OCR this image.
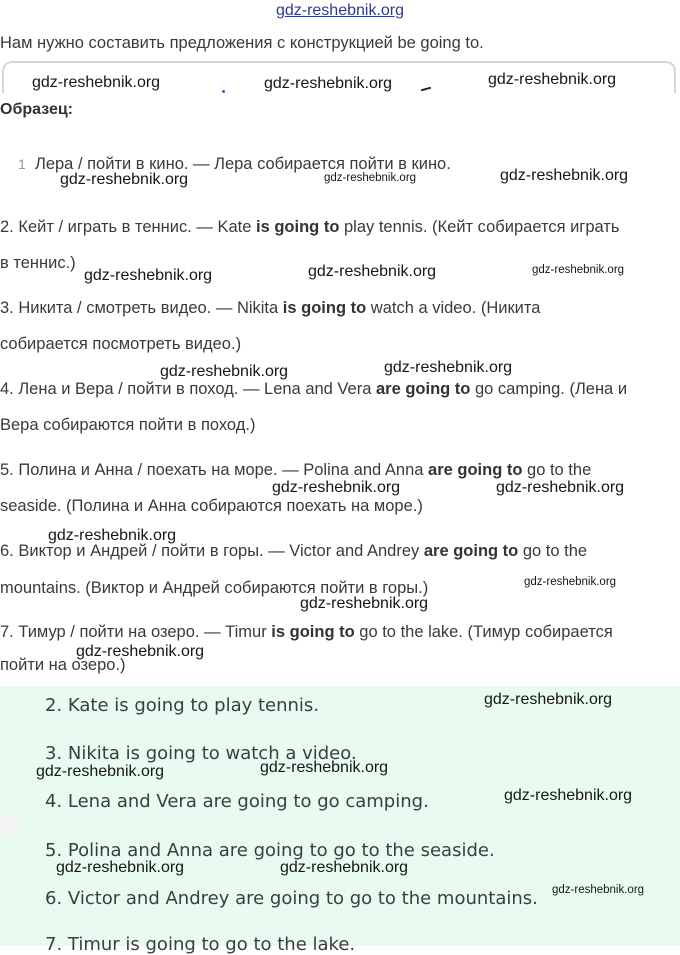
gdz-reshebnik.org
Нам нужно составить предложения с конструкцией be going to.
Образец:
1 Лера / пойти в кино. — Лера собирается пойти в кино.
2. Кейт / играть в теннис. — Kate is going to play tennis. (Кейт собирается играть
в теннис.)
3. Никита / смотреть видео. — Nikita is going to watch a video. (Никита
собирается посмотреть видео.)
4. Лена и Вера / пойти в поход. — Lena and Vera are going to go camping. (Лена и
Вера собираются пойти в поход.)
5. Полина и Анна / поехать на море. — Polina and Anna are going to go to the
seaside. (Полина и Анна собираются поехать на море.)
6. Виктор и Андрей / пойти в горы. — Victor and Andrey are going to go to the
mountains. (Виктор и Андрей собираются пойти в горы.)
7. Тимур / пойти на озеро. — Timur is going to go to the lake. (Тимур собирается
пойти на озеро.)
2. Kate is going to play tennis.
3. Nikita is going to watch a video.
4. Lena and Vera are going to go camping.
5. Polina and Anna are going to go to the seaside.
6. Victor and Andrey are going to go to the mountains.
7. Timur is going to go to the lake.
gdz-reshebnik.org	gdz-reshebnik.org	gdz-reshebnik.org
gdz-reshebnik.org	gdz-reshebnik.org	gdz-reshebnik.org
gdz-reshebnik.org	gdz-reshebnik.org	gdz-reshebnik.org
gdz-reshebnik.org	gdz-reshebnik.org
gdz-reshebnik.org	gdz-reshebnik.org
gdz-reshebnik.org
gdz-reshebnik.org
gdz-reshebnik.org
gdz-reshebnik.org
gdz-reshebnik.org
gdz-reshebnik.org	gdz-reshebnik.org
gdz-reshebnik.org
gdz-reshebnik.org	gdz-reshebnik.org
gdz-reshebnik.org
